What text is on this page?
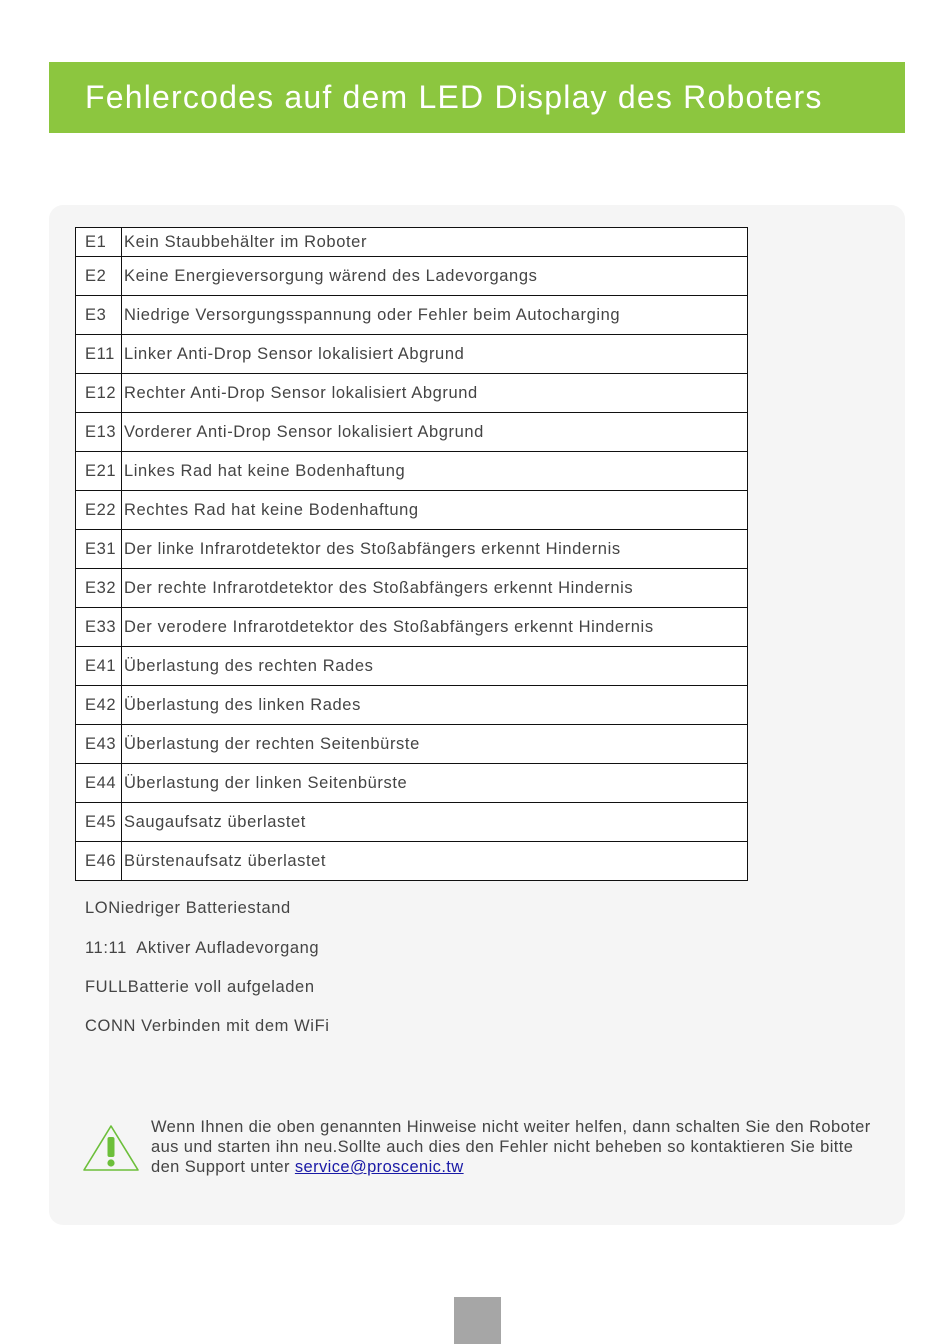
Fehlercodes auf dem LED Display des Roboters
E1	Kein Staubbehälter im Roboter
E2	Keine Energieversorgung wärend des Ladevorgangs
E3	Niedrige Versorgungsspannung oder Fehler beim Autocharging
E11	Linker Anti-Drop Sensor lokalisiert Abgrund
E12	Rechter Anti-Drop Sensor lokalisiert Abgrund
E13	Vorderer Anti-Drop Sensor lokalisiert Abgrund
E21	Linkes Rad hat keine Bodenhaftung
E22	Rechtes Rad hat keine Bodenhaftung
E31	Der linke Infrarotdetektor des Stoßabfängers erkennt Hindernis
E32	Der rechte Infrarotdetektor des Stoßabfängers erkennt Hindernis
E33	Der verodere Infrarotdetektor des Stoßabfängers erkennt Hindernis
E41	Überlastung des rechten Rades
E42	Überlastung des linken Rades
E43	Überlastung der rechten Seitenbürste
E44	Überlastung der linken Seitenbürste
E45	Saugaufsatz überlastet
E46	Bürstenaufsatz überlastet
LONiedriger Batteriestand
11:11  Aktiver Aufladevorgang
FULLBatterie voll aufgeladen
CONN Verbinden mit dem WiFi
Wenn Ihnen die oben genannten Hinweise nicht weiter helfen, dann schalten Sie den Roboter aus und starten ihn neu.Sollte auch dies den Fehler nicht beheben so kontaktieren Sie bitte den Support unter service@proscenic.tw
